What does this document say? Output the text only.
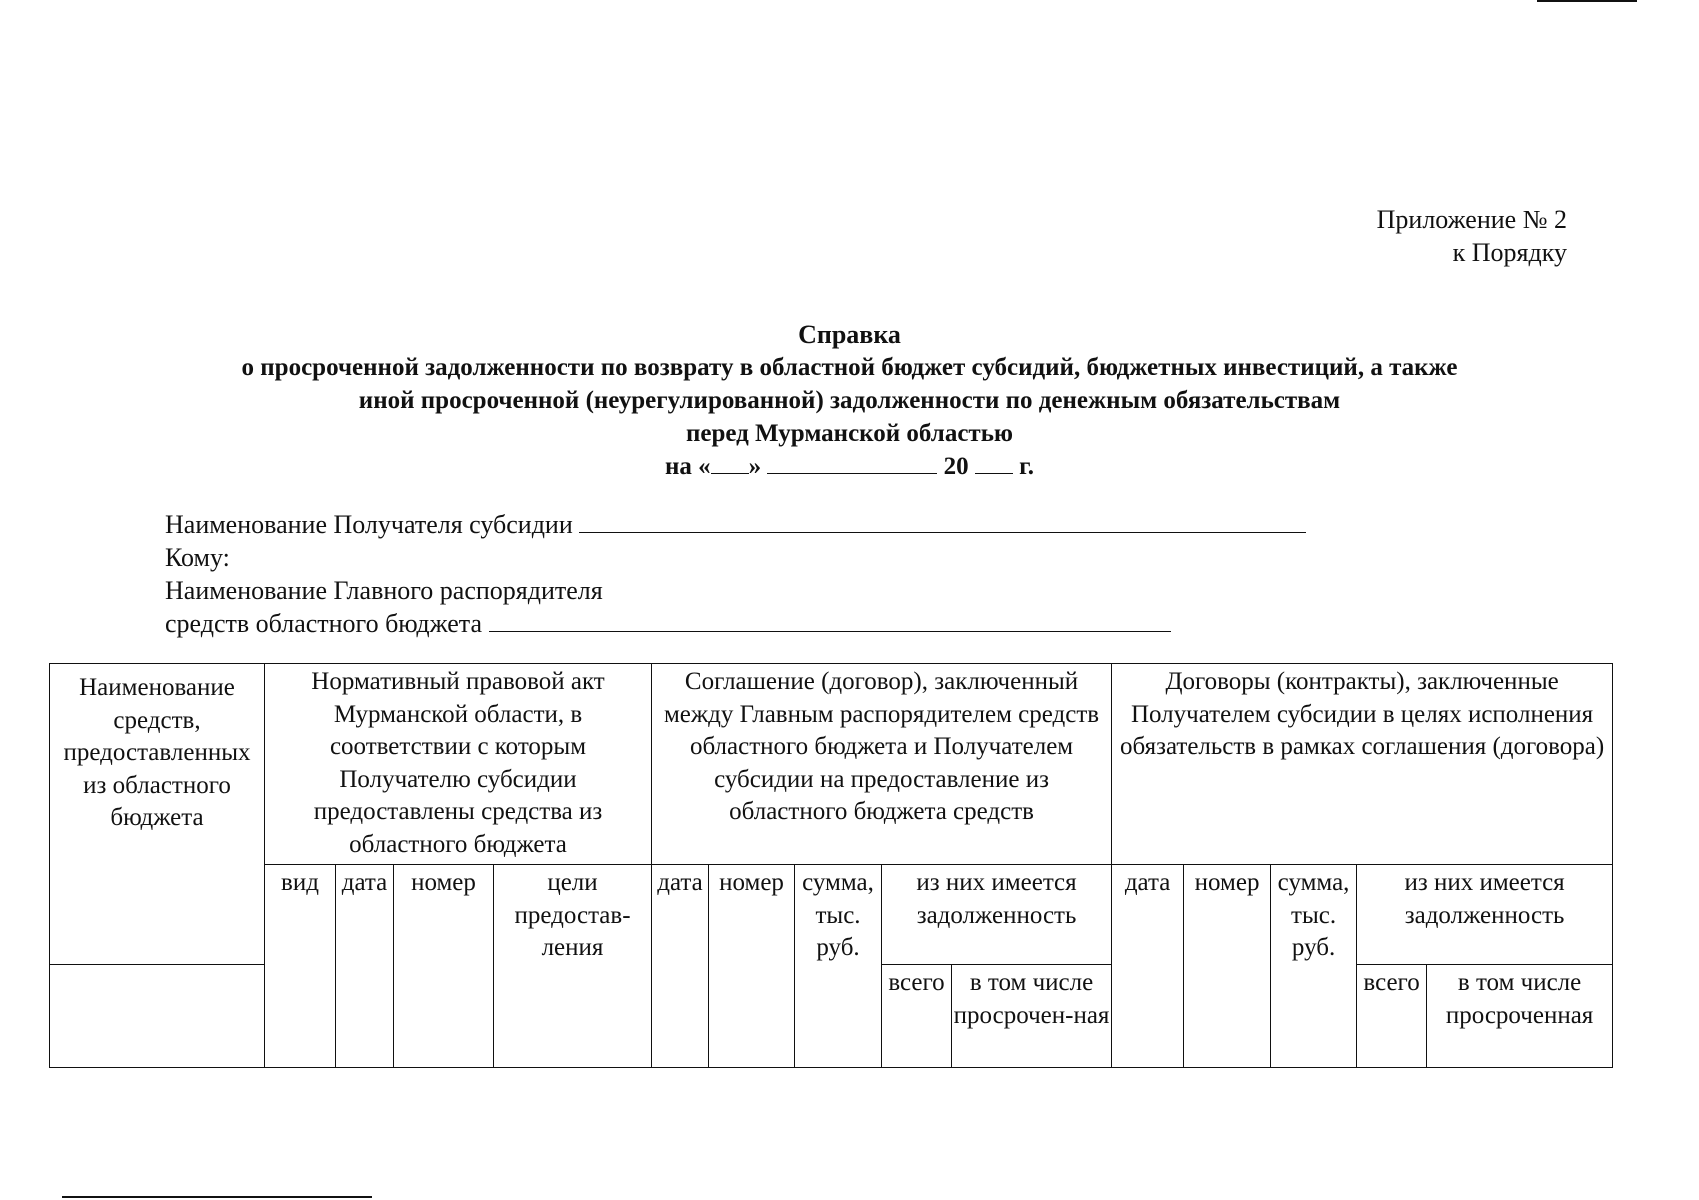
Приложение № 2
к Порядку
Справка
о просроченной задолженности по возврату в областной бюджет субсидий, бюджетных инвестиций, а также
иной просроченной (неурегулированной) задолженности по денежным обязательствам
перед Мурманской областью
на « »	20 г.
Наименование Получателя субсидии
Кому:
Наименование Главного распорядителя
средств областного бюджета
Наименование средств, предоставленных из областного бюджета	Нормативный правовой акт Мурманской области, в соответствии с которым Получателю субсидии предоставлены средства из областного бюджета				Соглашение (договор), заключенный между Главным распорядителем средств областного бюджета и Получателем субсидии на предоставление из областного бюджета средств					Договоры (контракты), заключенные Получателем субсидии в целях исполнения обязательств в рамках соглашения (договора)				
	вид	дата	номер	цели предостав-ления	дата	номер	сумма, тыс. руб.	из них имеется задолженность		дата	номер	сумма, тыс. руб.	из них имеется задолженность	
								всего	в том числе просрочен-ная				всего	в том числе просроченная
